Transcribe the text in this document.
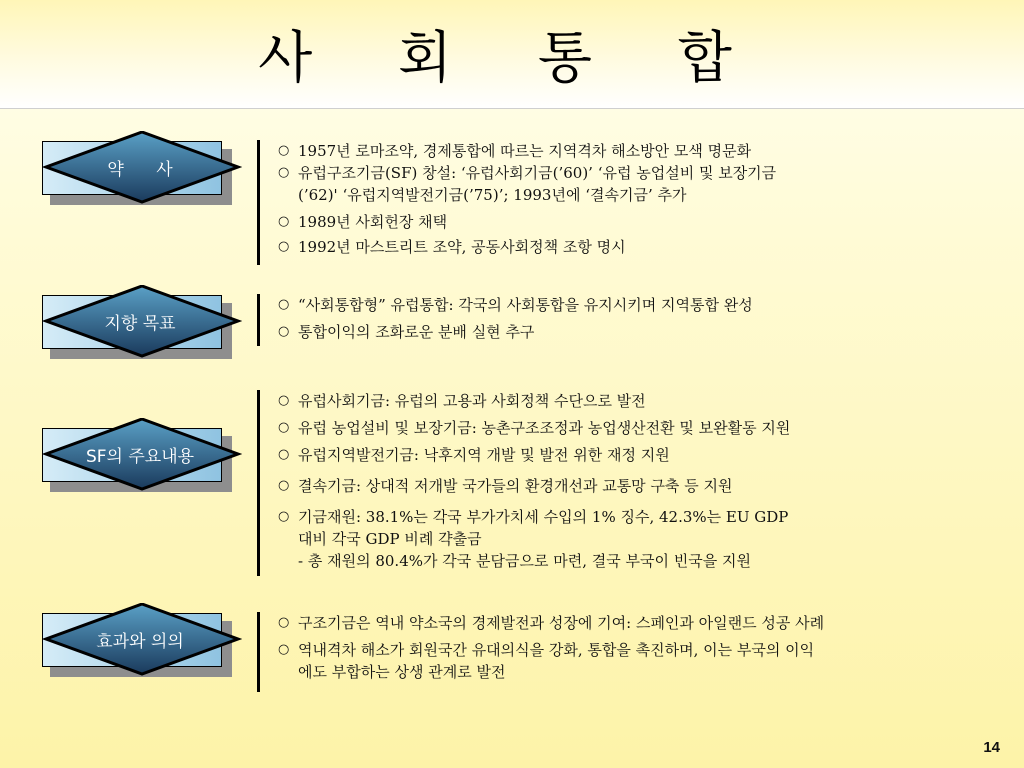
사 회 통 합
약      사
○ 1957년 로마조약, 경제통합에 따르는 지역격차 해소방안 모색 명문화

○ 유럽구조기금(SF) 창설: ‘유럽사회기금(’60)’ ‘유럽 농업설비 및 보장기금

(’62)' ‘유럽지역발전기금(’75)’; 1993년에 ‘결속기금’ 추가

○ 1989년 사회헌장 채택

○ 1992년 마스트리트 조약, 공동사회정책 조항 명시

지향 목표
○ “사회통합형” 유럽통합: 각국의 사회통합을 유지시키며 지역통합 완성

○ 통합이익의 조화로운 분배 실현 추구

SF의 주요내용
○ 유럽사회기금: 유럽의 고용과 사회정책 수단으로 발전

○ 유럽 농업설비 및 보장기금: 농촌구조조정과 농업생산전환 및 보완활동 지원

○ 유럽지역발전기금: 낙후지역 개발 및 발전 위한 재정 지원

○ 결속기금: 상대적 저개발 국가들의 환경개선과 교통망 구축 등 지원

○ 기금재원: 38.1%는 각국 부가가치세 수입의 1% 징수, 42.3%는 EU GDP

대비 각국 GDP 비례 갹출금

- 총 재원의 80.4%가 각국 분담금으로 마련, 결국 부국이 빈국을 지원

효과와 의의
○ 구조기금은 역내 약소국의 경제발전과 성장에 기여: 스페인과 아일랜드 성공 사례

○ 역내격차 해소가 회원국간 유대의식을 강화, 통합을 촉진하며, 이는 부국의 이익

에도 부합하는 상생 관계로 발전

14
